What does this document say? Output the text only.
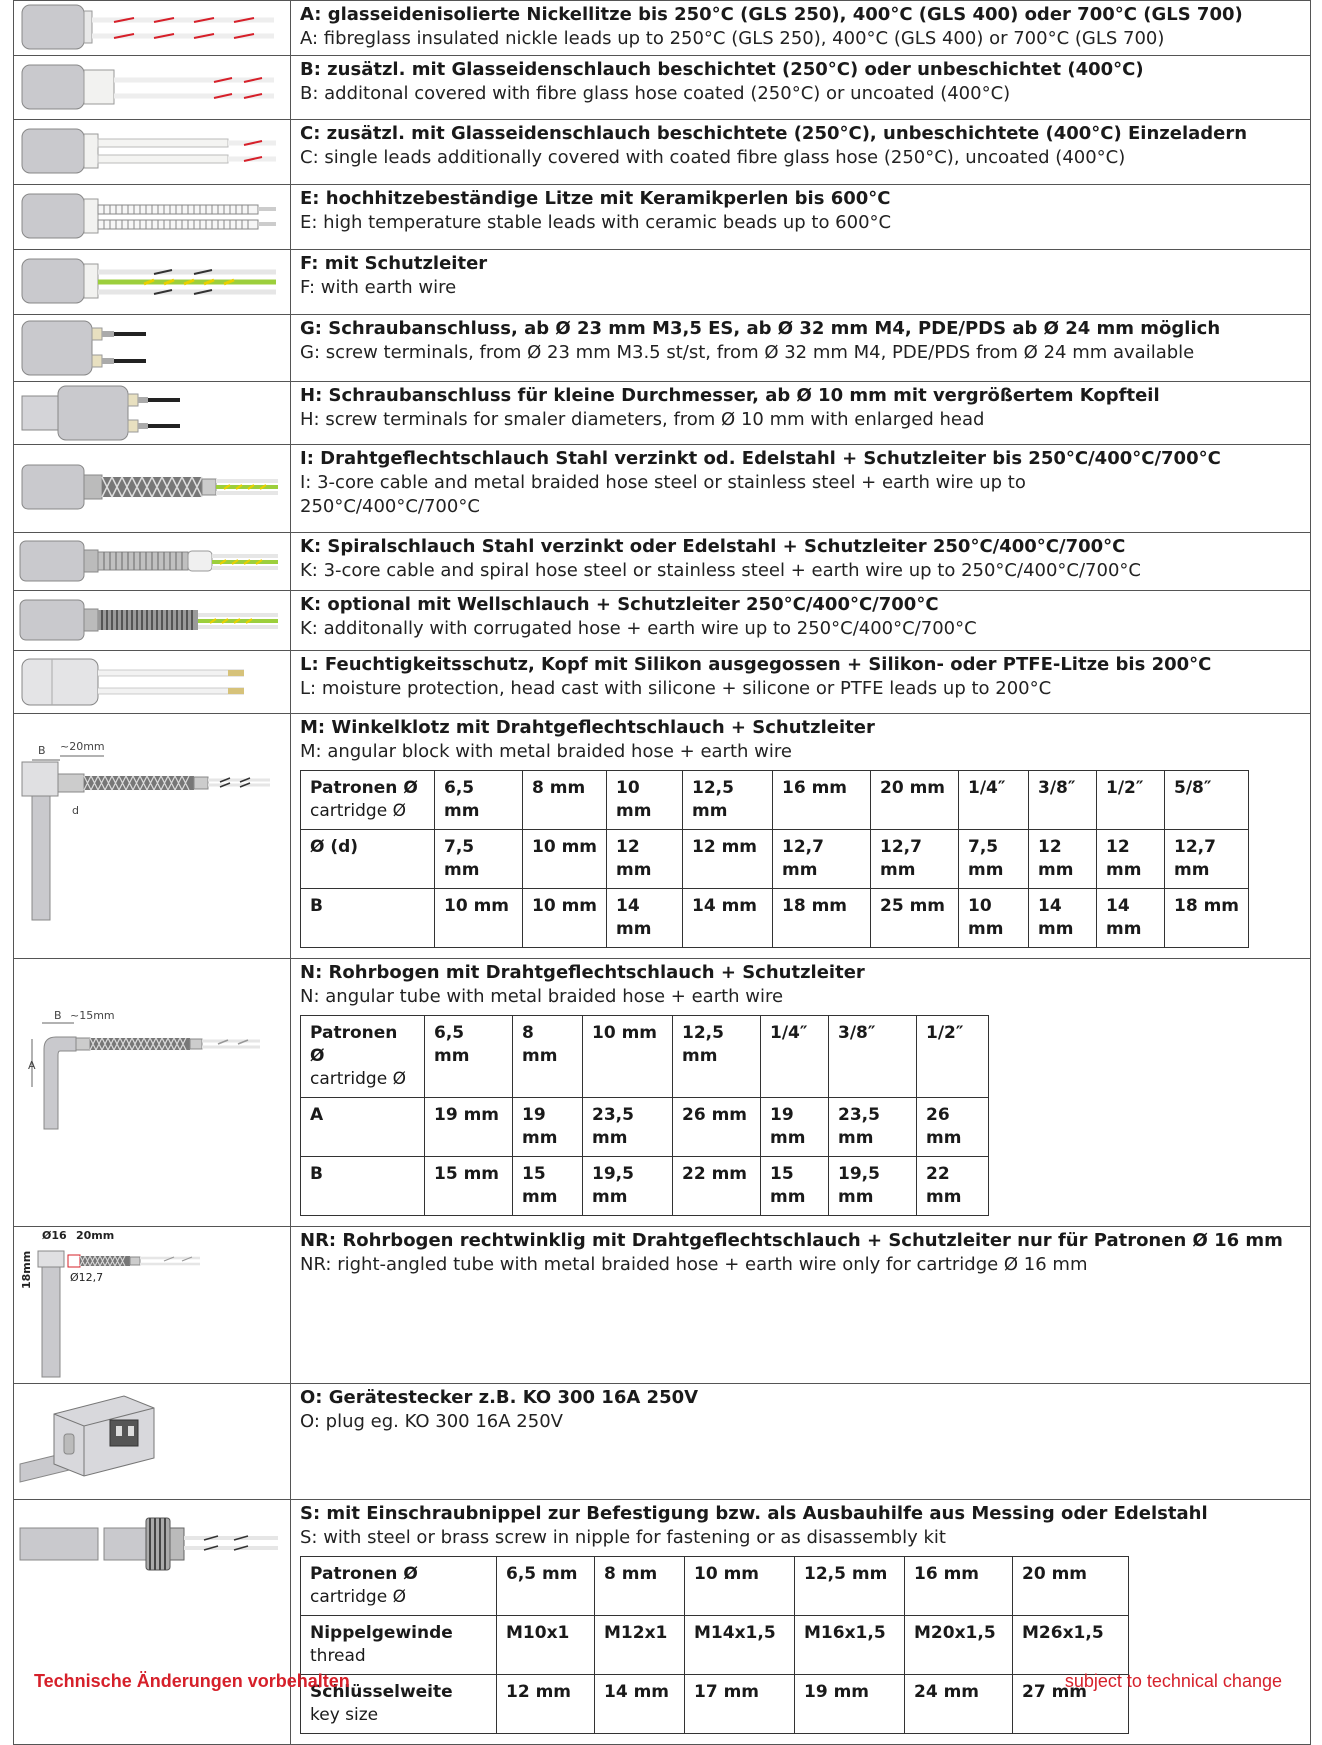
A: glasseidenisolierte Nickellitze bis 250°C (GLS 250), 400°C (GLS 400) oder 700°C (GLS 700)
A: fibreglass insulated nickle leads up to 250°C (GLS 250), 400°C (GLS 400) or 700°C (GLS 700)

B: zusätzl. mit Glasseidenschlauch beschichtet (250°C) oder unbeschichtet (400°C)
B: additonal covered with fibre glass hose coated (250°C) or uncoated (400°C)

C: zusätzl. mit Glasseidenschlauch beschichtete (250°C), unbeschichtete (400°C) Einzeladern
C: single leads additionally covered with coated fibre glass hose (250°C), uncoated (400°C)

E: hochhitzebeständige Litze mit Keramikperlen bis 600°C
E: high temperature stable leads with ceramic beads up to 600°C

F: mit Schutzleiter
F: with earth wire

G: Schraubanschluss, ab Ø 23 mm M3,5 ES, ab Ø 32 mm M4, PDE/PDS ab Ø 24 mm möglich
G: screw terminals, from Ø 23 mm M3.5 st/st, from Ø 32 mm M4, PDE/PDS from Ø 24 mm available

H: Schraubanschluss für kleine Durchmesser, ab Ø 10 mm mit vergrößertem Kopfteil
H: screw terminals for smaler diameters, from Ø 10 mm with enlarged head

I: Drahtgeflechtschlauch Stahl verzinkt od. Edelstahl + Schutzleiter bis 250°C/400°C/700°C
I: 3-core cable and metal braided hose steel or stainless steel + earth wire up to 250°C/400°C/700°C

K: Spiralschlauch Stahl verzinkt oder Edelstahl + Schutzleiter 250°C/400°C/700°C
K: 3-core cable and spiral hose steel or stainless steel + earth wire up to 250°C/400°C/700°C

K: optional mit Wellschlauch + Schutzleiter 250°C/400°C/700°C
K: additonally with corrugated hose + earth wire up to 250°C/400°C/700°C

L: Feuchtigkeitsschutz, Kopf mit Silikon ausgegossen + Silikon- oder PTFE-Litze bis 200°C
L: moisture protection, head cast with silicone + silicone or PTFE leads up to 200°C

B ~20mm
d

M: Winkelklotz mit Drahtgeflechtschlauch + Schutzleiter
M: angular block with metal braided hose + earth wire
Patronen Ø
cartridge Ø
	6,5 mm	8 mm	10 mm	12,5 mm	16 mm	20 mm	1/4″	3/8″	1/2″	5/8″
Ø (d)	7,5 mm	10 mm	12 mm	12 mm	12,7 mm	12,7 mm	7,5 mm	12 mm	12 mm	12,7 mm
B	10 mm	10 mm	14 mm	14 mm	18 mm	25 mm	10 mm	14 mm	14 mm	18 mm

B ~15mm
A

N: Rohrbogen mit Drahtgeflechtschlauch + Schutzleiter
N: angular tube with metal braided hose + earth wire
Patronen Ø
cartridge Ø
	6,5 mm	8 mm	10 mm	12,5 mm	1/4″	3/8″	1/2″
A	19 mm	19 mm	23,5 mm	26 mm	19 mm	23,5 mm	26 mm
B	15 mm	15 mm	19,5 mm	22 mm	15 mm	19,5 mm	22 mm

Ø16 20mm
18mm	Ø12,7

NR: Rohrbogen rechtwinklig mit Drahtgeflechtschlauch + Schutzleiter nur für Patronen Ø 16 mm
NR: right-angled tube with metal braided hose + earth wire only for cartridge Ø 16 mm

O: Gerätestecker z.B. KO 300 16A 250V
O: plug eg. KO 300 16A 250V

S: mit Einschraubnippel zur Befestigung bzw. als Ausbauhilfe aus Messing oder Edelstahl
S: with steel or brass screw in nipple for fastening or as disassembly kit
Patronen Ø
cartridge Ø
	6,5 mm	8 mm	10 mm	12,5 mm	16 mm	20 mm
Nippelgewinde
thread
	M10x1	M12x1	M14x1,5	M16x1,5	M20x1,5	M26x1,5
Schlüsselweite
key size
	12 mm	14 mm	17 mm	19 mm	24 mm	27 mm
Technische Änderungen vorbehalten	subject to technical change
